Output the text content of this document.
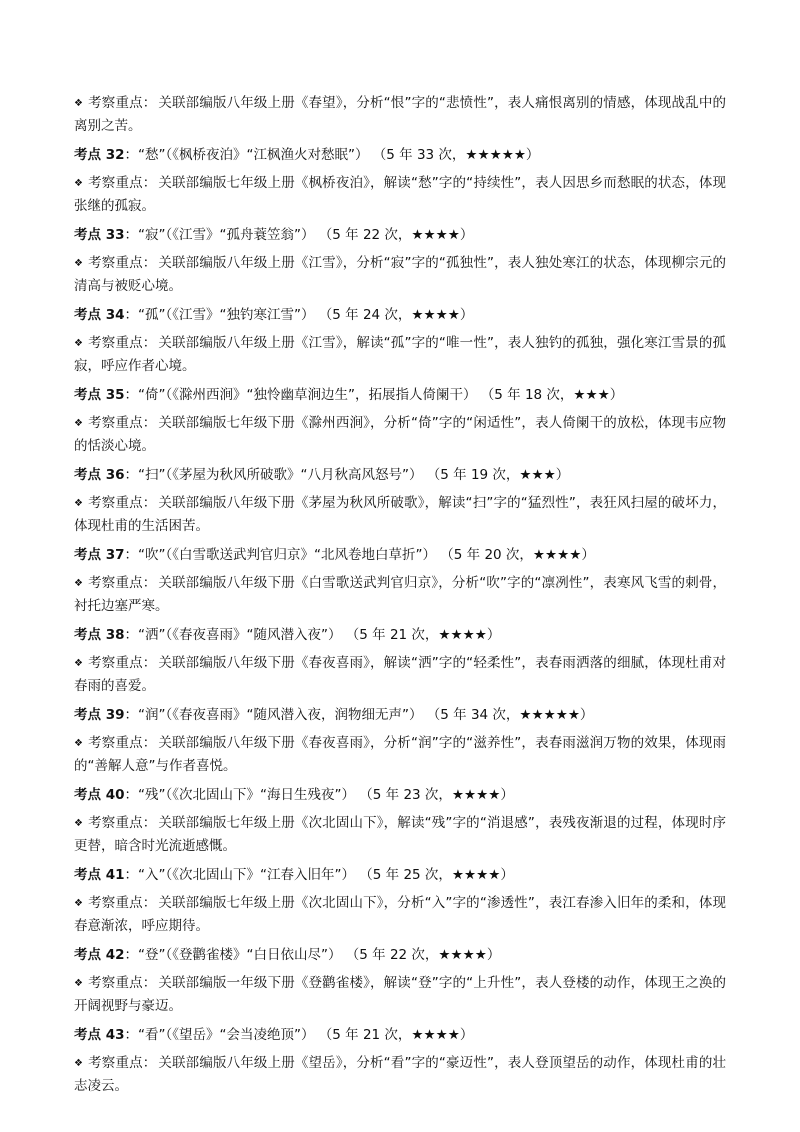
❖ 考察重点： 关联部编版八年级上册《春望》，分析“恨”字的“悲愤性”，表人痛恨离别的情感，体现战乱中的离别之苦。
考点 32：“愁”（《枫桥夜泊》“江枫渔火对愁眠”） （5 年 33 次，★★★★★）
❖ 考察重点： 关联部编版七年级上册《枫桥夜泊》，解读“愁”字的“持续性”，表人因思乡而愁眠的状态，体现张继的孤寂。
考点 33：“寂”（《江雪》“孤舟蓑笠翁”） （5 年 22 次，★★★★）
❖ 考察重点： 关联部编版八年级上册《江雪》，分析“寂”字的“孤独性”，表人独处寒江的状态，体现柳宗元的清高与被贬心境。
考点 34：“孤”（《江雪》“独钓寒江雪”） （5 年 24 次，★★★★）
❖ 考察重点： 关联部编版八年级上册《江雪》，解读“孤”字的“唯一性”，表人独钓的孤独，强化寒江雪景的孤寂，呼应作者心境。
考点 35：“倚”（《滁州西涧》“独怜幽草涧边生”，拓展指人倚阑干） （5 年 18 次，★★★）
❖ 考察重点： 关联部编版七年级下册《滁州西涧》，分析“倚”字的“闲适性”，表人倚阑干的放松，体现韦应物的恬淡心境。
考点 36：“扫”（《茅屋为秋风所破歌》“八月秋高风怒号”） （5 年 19 次，★★★）
❖ 考察重点： 关联部编版八年级下册《茅屋为秋风所破歌》，解读“扫”字的“猛烈性”，表狂风扫屋的破坏力，体现杜甫的生活困苦。
考点 37：“吹”（《白雪歌送武判官归京》“北风卷地白草折”） （5 年 20 次，★★★★）
❖ 考察重点： 关联部编版八年级下册《白雪歌送武判官归京》，分析“吹”字的“凛冽性”，表寒风飞雪的刺骨，衬托边塞严寒。
考点 38：“洒”（《春夜喜雨》“随风潜入夜”） （5 年 21 次，★★★★）
❖ 考察重点： 关联部编版八年级下册《春夜喜雨》，解读“洒”字的“轻柔性”，表春雨洒落的细腻，体现杜甫对春雨的喜爱。
考点 39：“润”（《春夜喜雨》“随风潜入夜，润物细无声”） （5 年 34 次，★★★★★）
❖ 考察重点： 关联部编版八年级下册《春夜喜雨》，分析“润”字的“滋养性”，表春雨滋润万物的效果，体现雨的“善解人意”与作者喜悦。
考点 40：“残”（《次北固山下》“海日生残夜”） （5 年 23 次，★★★★）
❖ 考察重点： 关联部编版七年级上册《次北固山下》，解读“残”字的“消退感”，表残夜渐退的过程，体现时序更替，暗含时光流逝感慨。
考点 41：“入”（《次北固山下》“江春入旧年”） （5 年 25 次，★★★★）
❖ 考察重点： 关联部编版七年级上册《次北固山下》，分析“入”字的“渗透性”，表江春渗入旧年的柔和，体现春意渐浓，呼应期待。
考点 42：“登”（《登鹳雀楼》“白日依山尽”） （5 年 22 次，★★★★）
❖ 考察重点： 关联部编版一年级下册《登鹳雀楼》，解读“登”字的“上升性”，表人登楼的动作，体现王之涣的开阔视野与豪迈。
考点 43：“看”（《望岳》“会当凌绝顶”） （5 年 21 次，★★★★）
❖ 考察重点： 关联部编版八年级上册《望岳》，分析“看”字的“豪迈性”，表人登顶望岳的动作，体现杜甫的壮志凌云。
